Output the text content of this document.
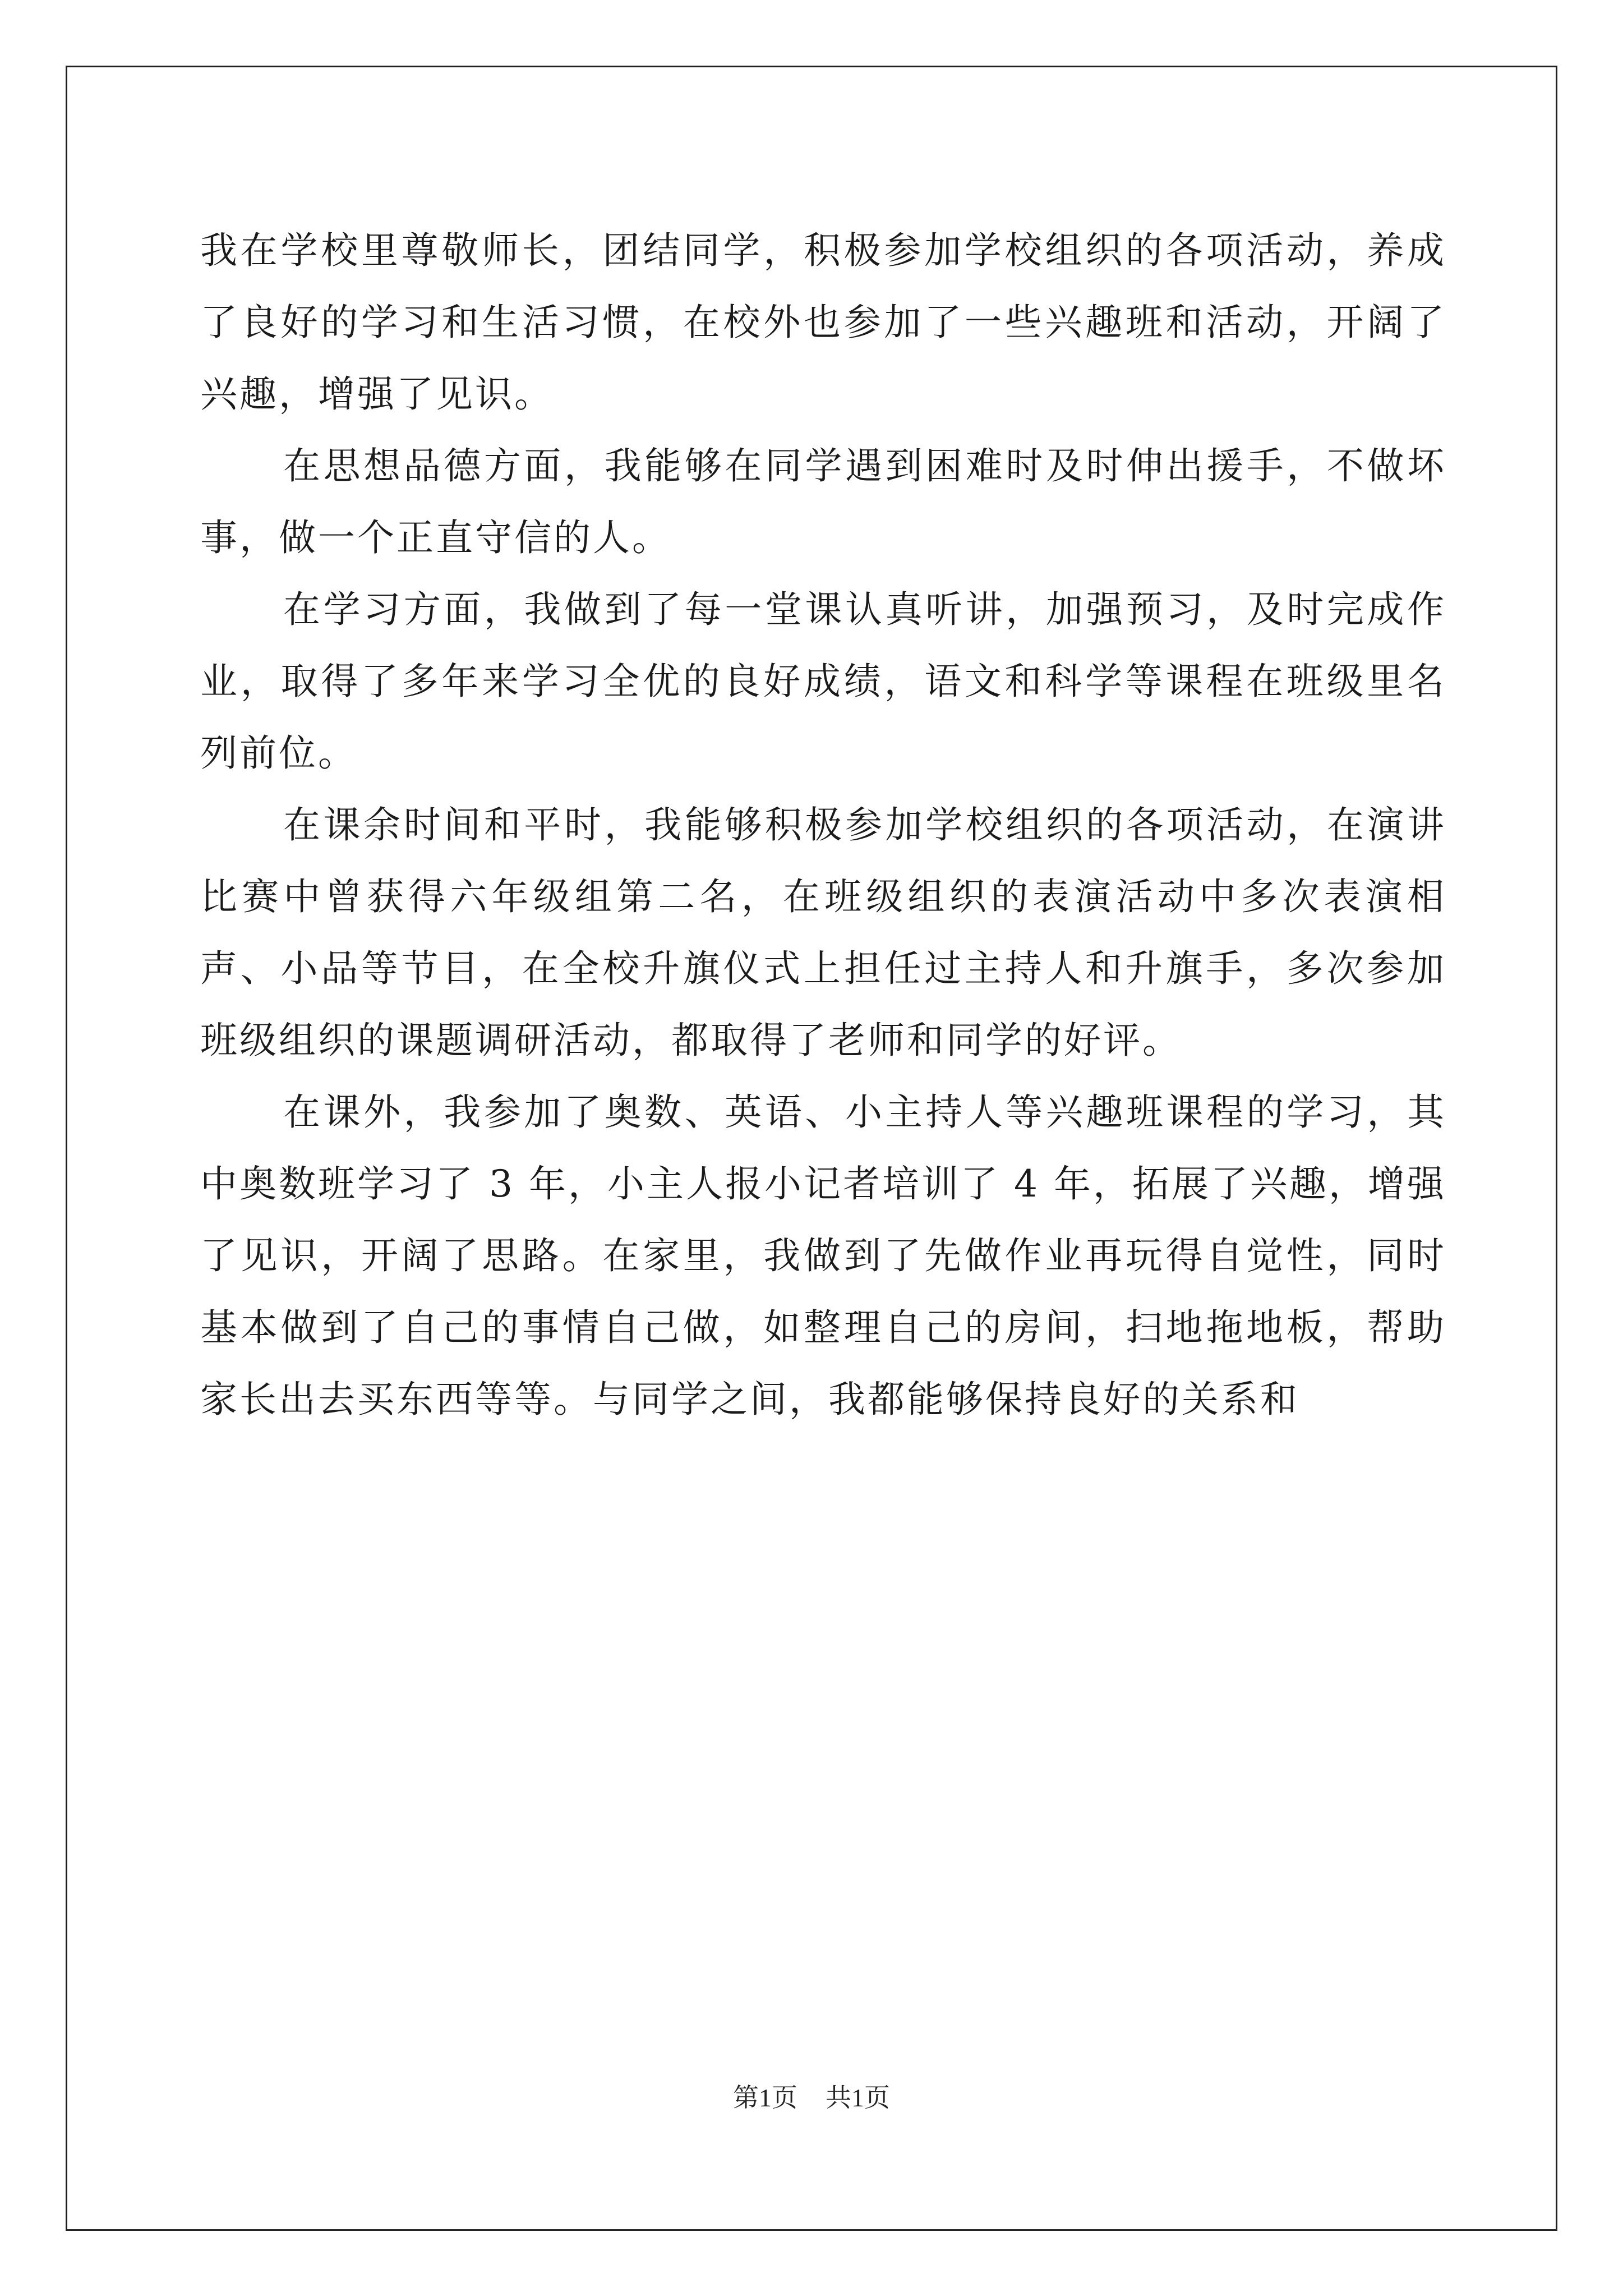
我在学校里尊敬师长，团结同学，积极参加学校组织的各项活动，养成了良好的学习和生活习惯，在校外也参加了一些兴趣班和活动，开阔了兴趣，增强了见识。

在思想品德方面，我能够在同学遇到困难时及时伸出援手，不做坏事，做一个正直守信的人。

在学习方面，我做到了每一堂课认真听讲，加强预习，及时完成作业，取得了多年来学习全优的良好成绩，语文和科学等课程在班级里名列前位。

在课余时间和平时，我能够积极参加学校组织的各项活动，在演讲比赛中曾获得六年级组第二名，在班级组织的表演活动中多次表演相声、小品等节目，在全校升旗仪式上担任过主持人和升旗手，多次参加班级组织的课题调研活动，都取得了老师和同学的好评。

在课外，我参加了奥数、英语、小主持人等兴趣班课程的学习，其中奥数班学习了 3 年，小主人报小记者培训了 4 年，拓展了兴趣，增强了见识，开阔了思路。在家里，我做到了先做作业再玩得自觉性，同时基本做到了自己的事情自己做，如整理自己的房间，扫地拖地板，帮助家长出去买东西等等。与同学之间，我都能够保持良好的关系和

第1页 共1页
